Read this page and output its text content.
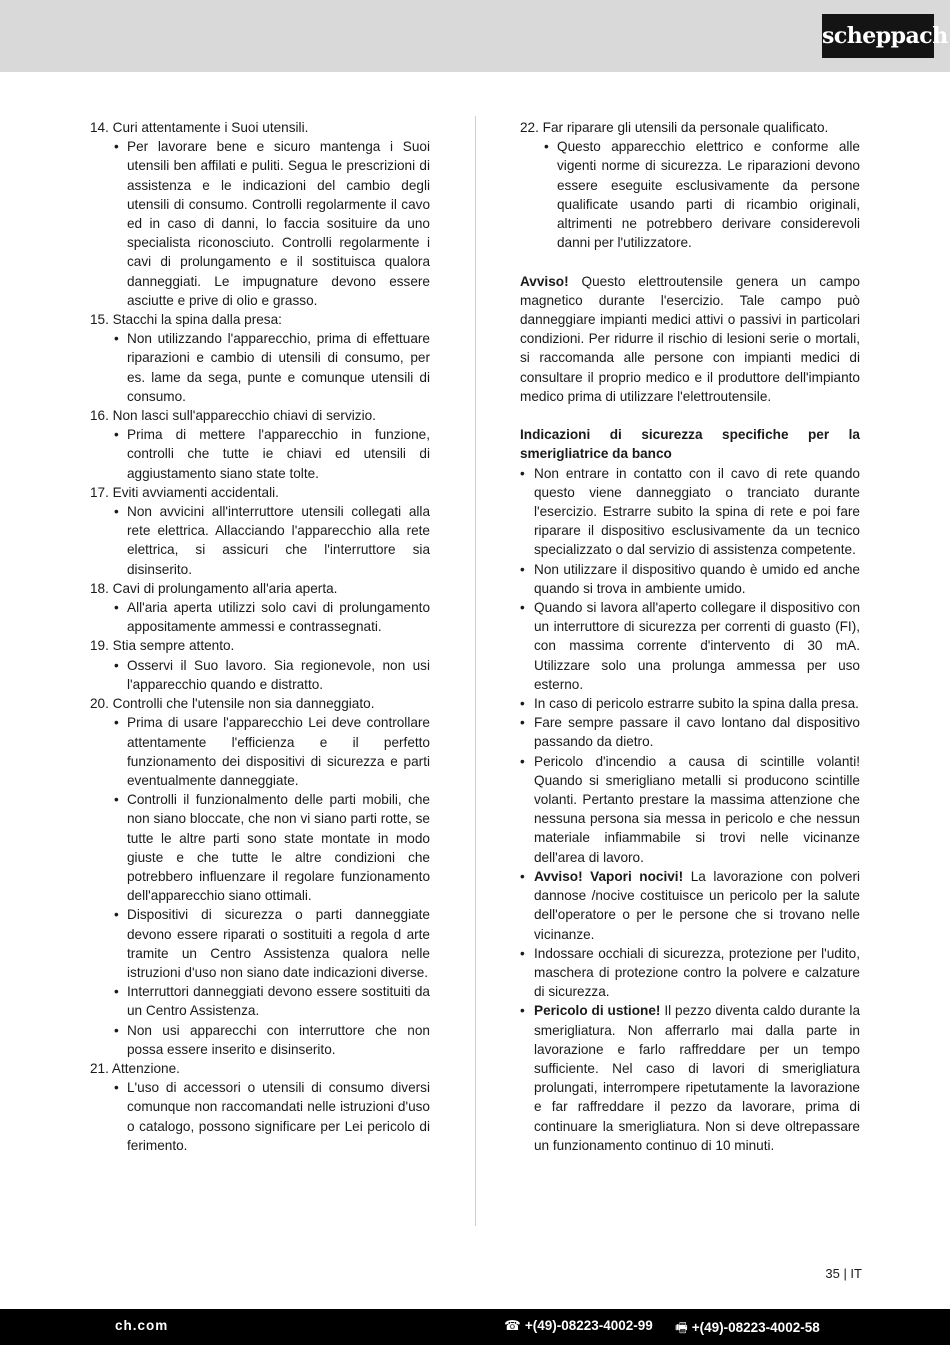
scheppach
14. Curi attentamente i Suoi utensili.
• Per lavorare bene e sicuro mantenga i Suoi utensili ben affilati e puliti. Segua le prescrizioni di assistenza e le indicazioni del cambio degli utensili di consumo. Controlli regolarmente il cavo ed in caso di danni, lo faccia sosituire da uno specialista riconosciuto. Controlli regolarmente i cavi di prolungamento e il sostituisca qualora danneggiati. Le impugnature devono essere asciutte e prive di olio e grasso.
15. Stacchi la spina dalla presa:
• Non utilizzando l'apparecchio, prima di effettuare riparazioni e cambio di utensili di consumo, per es. lame da sega, punte e comunque utensili di consumo.
16. Non lasci sull'apparecchio chiavi di servizio.
• Prima di mettere l'apparecchio in funzione, controlli che tutte ie chiavi ed utensili di aggiustamento siano state tolte.
17. Eviti avviamenti accidentali.
• Non avvicini all'interruttore utensili collegati alla rete elettrica. Allacciando l'apparecchio alla rete elettrica, si assicuri che l'interruttore sia disinserito.
18. Cavi di prolungamento all'aria aperta.
• All'aria aperta utilizzi solo cavi di prolungamento appositamente ammessi e contrassegnati.
19. Stia sempre attento.
• Osservi il Suo lavoro. Sia regionevole, non usi l'apparecchio quando e distratto.
20. Controlli che l'utensile non sia danneggiato.
• Prima di usare l'apparecchio Lei deve controllare attentamente l'efficienza e il perfetto funzionamento dei dispositivi di sicurezza e parti eventualmente danneggiate.
• Controlli il funzionalmento delle parti mobili, che non siano bloccate, che non vi siano parti rotte, se tutte le altre parti sono state montate in modo giuste e che tutte le altre condizioni che potrebbero influenzare il regolare funzionamento dell'apparecchio siano ottimali.
• Dispositivi di sicurezza o parti danneggiate devono essere riparati o sostituiti a regola d arte tramite un Centro Assistenza qualora nelle istruzioni d'uso non siano date indicazioni diverse.
• Interruttori danneggiati devono essere sostituiti da un Centro Assistenza.
• Non usi apparecchi con interruttore che non possa essere inserito e disinserito.
21. Attenzione.
• L'uso di accessori o utensili di consumo diversi comunque non raccomandati nelle istruzioni d'uso o catalogo, possono significare per Lei pericolo di ferimento.
22. Far riparare gli utensili da personale qualificato.
• Questo apparecchio elettrico e conforme alle vigenti norme di sicurezza. Le riparazioni devono essere eseguite esclusivamente da persone qualificate usando parti di ricambio originali, altrimenti ne potrebbero derivare considerevoli danni per l'utilizzatore.

Avviso! Questo elettroutensile genera un campo magnetico durante l'esercizio. Tale campo può danneggiare impianti medici attivi o passivi in particolari condizioni. Per ridurre il rischio di lesioni serie o mortali, si raccomanda alle persone con impianti medici di consultare il proprio medico e il produttore dell'impianto medico prima di utilizzare l'elettroutensile.

Indicazioni di sicurezza specifiche per la smerigliatrice da banco

• Non entrare in contatto con il cavo di rete quando questo viene danneggiato o tranciato durante l'esercizio. Estrarre subito la spina di rete e poi fare riparare il dispositivo esclusivamente da un tecnico specializzato o dal servizio di assistenza competente.
• Non utilizzare il dispositivo quando è umido ed anche quando si trova in ambiente umido.
• Quando si lavora all'aperto collegare il dispositivo con un interruttore di sicurezza per correnti di guasto (FI), con massima corrente d'intervento di 30 mA. Utilizzare solo una prolunga ammessa per uso esterno.
• In caso di pericolo estrarre subito la spina dalla presa.
• Fare sempre passare il cavo lontano dal dispositivo passando da dietro.
• Pericolo d'incendio a causa di scintille volanti! Quando si smerigliano metalli si producono scintille volanti. Pertanto prestare la massima attenzione che nessuna persona sia messa in pericolo e che nessun materiale infiammabile si trovi nelle vicinanze dell'area di lavoro.
• Avviso! Vapori nocivi! La lavorazione con polveri dannose /nocive costituisce un pericolo per la salute dell'operatore o per le persone che si trovano nelle vicinanze.
• Indossare occhiali di sicurezza, protezione per l'udito, maschera di protezione contro la polvere e calzature di sicurezza.
• Pericolo di ustione! Il pezzo diventa caldo durante la smerigliatura. Non afferrarlo mai dalla parte in lavorazione e farlo raffreddare per un tempo sufficiente. Nel caso di lavori di smerigliatura prolungati, interrompere ripetutamente la lavorazione e far raffreddare il pezzo da lavorare, prima di continuare la smerigliatura. Non si deve oltrepassare un funzionamento continuo di 10 minuti.
35 | IT
ch.com	☎ +(49)-08223-4002-99 🖷 +(49)-08223-4002-58
